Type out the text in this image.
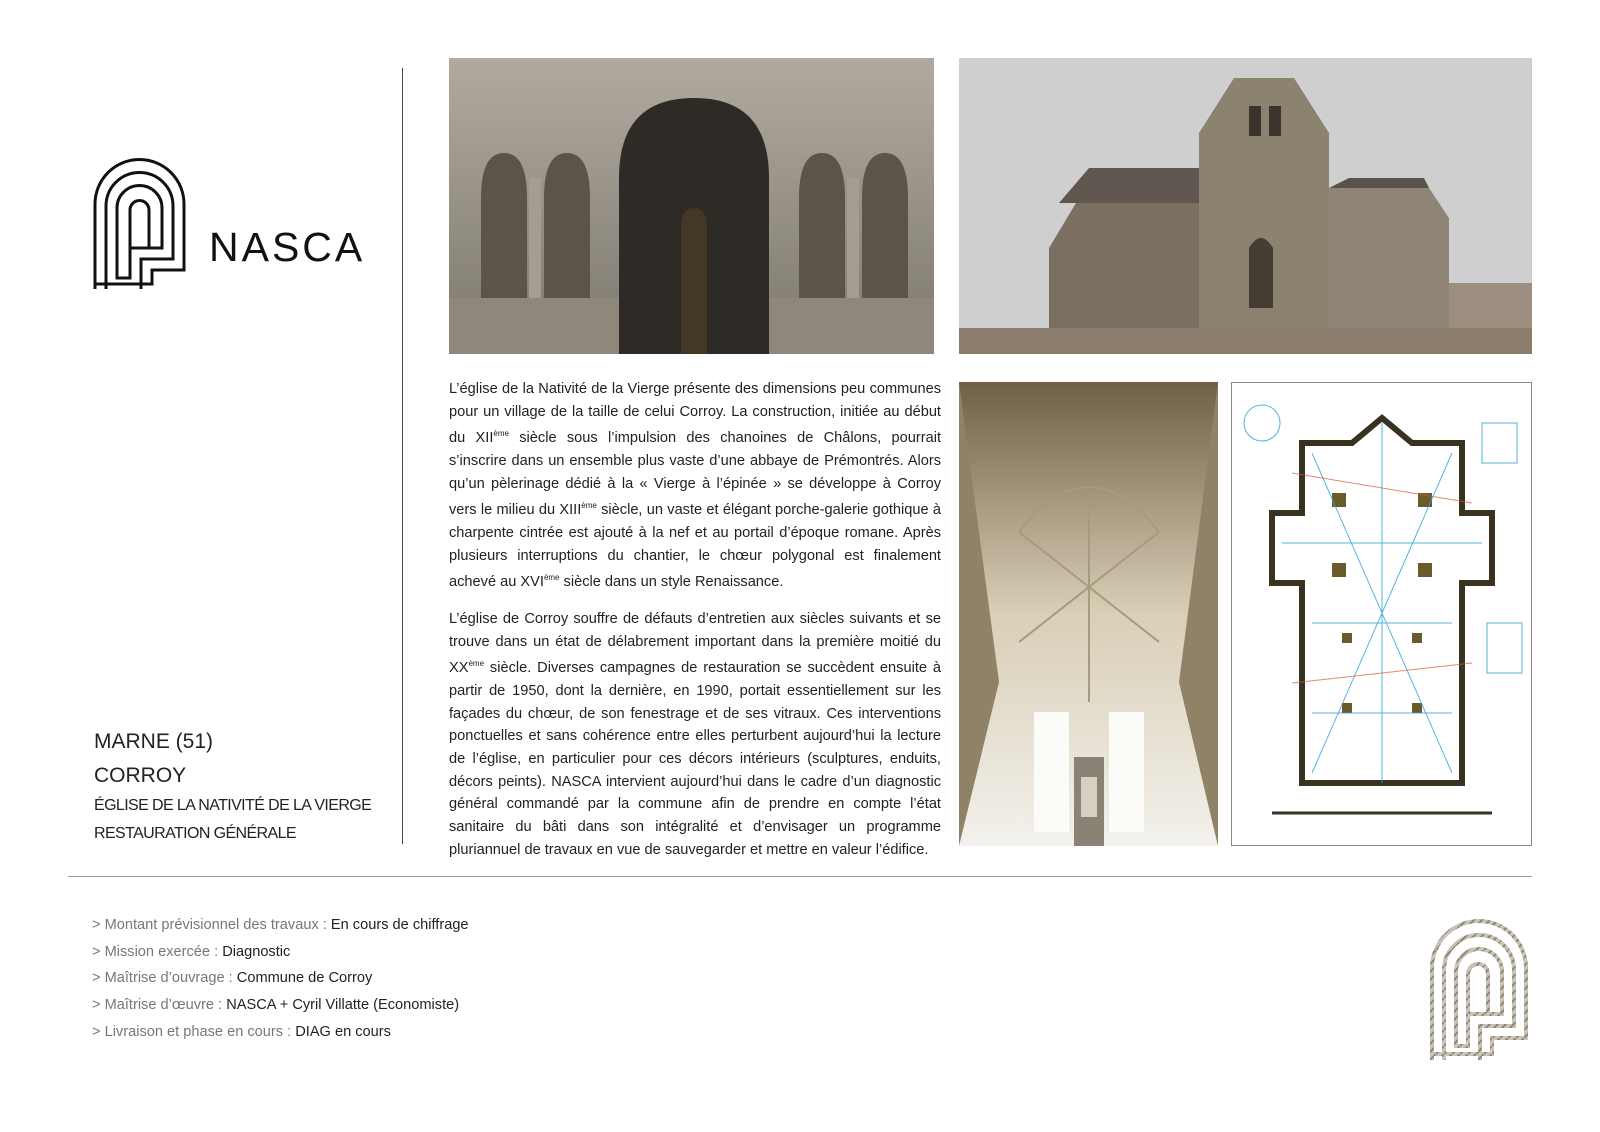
NASCA
MARNE (51)
CORROY
ÉGLISE DE LA NATIVITÉ DE LA VIERGE
RESTAURATION GÉNÉRALE

L’église de la Nativité de la Vierge présente des dimensions peu communes pour un village de la taille de celui Corroy. La construction, initiée au début du XIIème siècle sous l’impulsion des chanoines de Châlons, pourrait s’inscrire dans un ensemble plus vaste d’une abbaye de Prémontrés. Alors qu’un pèlerinage dédié à la « Vierge à l’épinée » se développe à Corroy vers le milieu du XIIIème siècle, un vaste et élégant porche-galerie gothique à charpente cintrée est ajouté à la nef et au portail d’époque romane. Après plusieurs interruptions du chantier, le chœur polygonal est finalement achevé au XVIème siècle dans un style Renaissance.

L’église de Corroy souffre de défauts d’entretien aux siècles suivants et se trouve dans un état de délabrement important dans la première moitié du XXème siècle. Diverses campagnes de restauration se succèdent ensuite à partir de 1950, dont la dernière, en 1990, portait essentiellement sur les façades du chœur, de son fenestrage et de ses vitraux. Ces interventions ponctuelles et sans cohérence entre elles perturbent aujourd’hui la lecture de l’église, en particulier pour ces décors intérieurs (sculptures, enduits, décors peints). NASCA intervient aujourd’hui dans le cadre d’un diagnostic général commandé par la commune afin de prendre en compte l’état sanitaire du bâti dans son intégralité et d’envisager un programme pluriannuel de travaux en vue de sauvegarder et mettre en valeur l’édifice.

> Montant prévisionnel des travaux : En cours de chiffrage
> Mission exercée : Diagnostic
> Maîtrise d’ouvrage : Commune de Corroy
> Maîtrise d’œuvre : NASCA + Cyril Villatte (Economiste)
> Livraison et phase en cours : DIAG en cours
